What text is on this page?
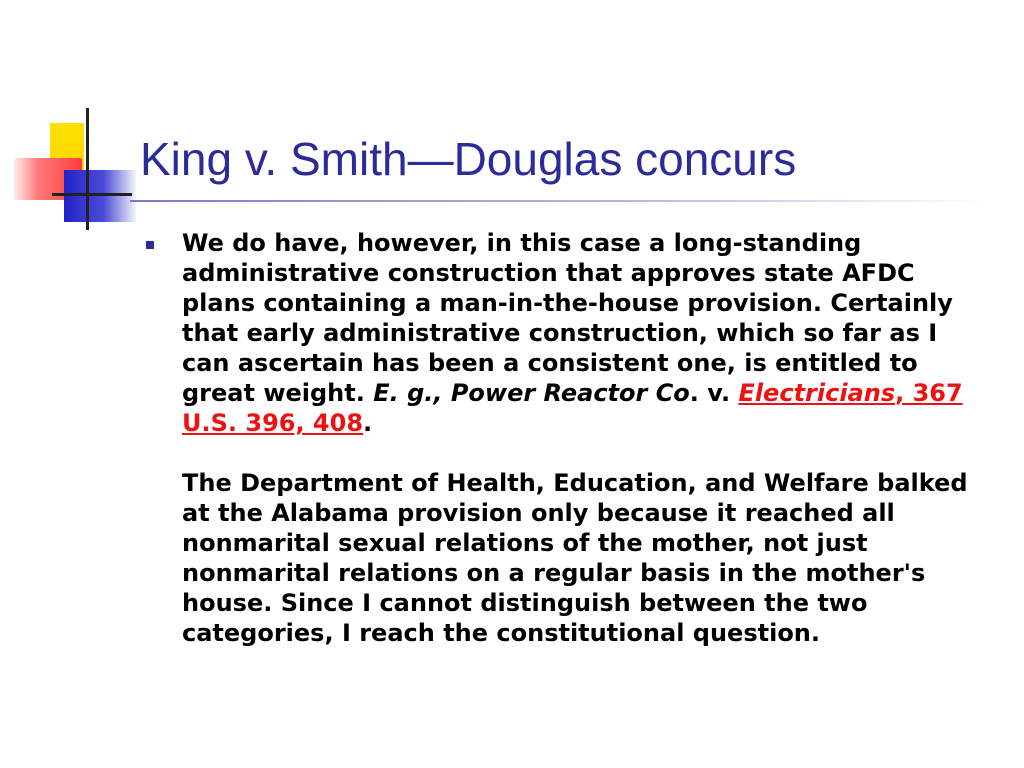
King v. Smith—Douglas concurs

We do have, however, in this case a long-standing administrative construction that approves state AFDC plans containing a man-in-the-house provision. Certainly that early administrative construction, which so far as I can ascertain has been a consistent one, is entitled to great weight. E. g., Power Reactor Co. v. Electricians, 367 U.S. 396, 408.

The Department of Health, Education, and Welfare balked at the Alabama provision only because it reached all nonmarital sexual relations of the mother, not just nonmarital relations on a regular basis in the mother's house. Since I cannot distinguish between the two categories, I reach the constitutional question.
